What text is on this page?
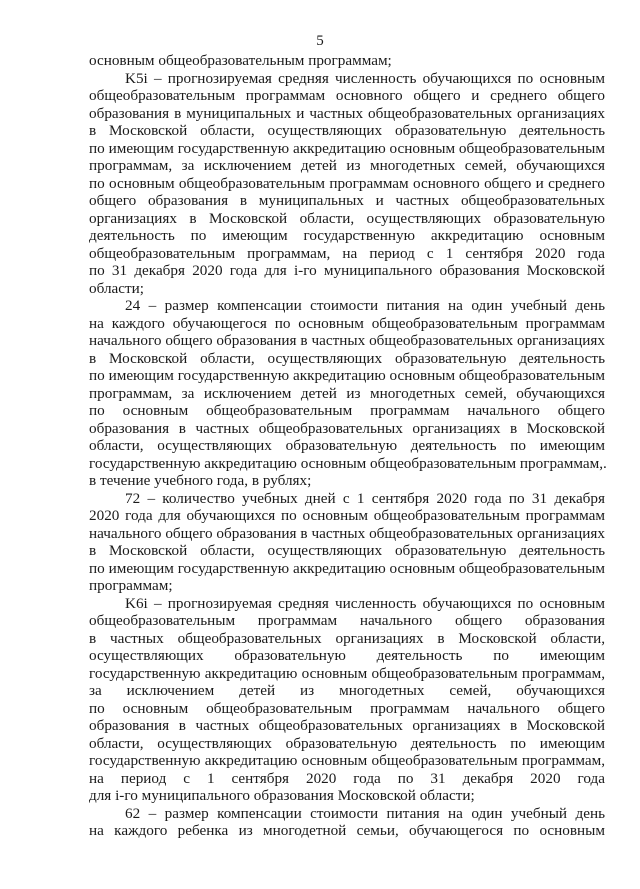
5
основным общеобразовательным программам;
K5i – прогнозируемая средняя численность обучающихся по основным
общеобразовательным программам основного общего и среднего общего
образования в муниципальных и частных общеобразовательных организациях
в Московской области, осуществляющих образовательную деятельность
по имеющим государственную аккредитацию основным общеобразовательным
программам, за исключением детей из многодетных семей, обучающихся
по основным общеобразовательным программам основного общего и среднего
общего образования в муниципальных и частных общеобразовательных
организациях в Московской области, осуществляющих образовательную
деятельность по имеющим государственную аккредитацию основным
общеобразовательным программам, на период с 1 сентября 2020 года
по 31 декабря 2020 года для i-го муниципального образования Московской
области;
24 – размер компенсации стоимости питания на один учебный день
на каждого обучающегося по основным общеобразовательным программам
начального общего образования в частных общеобразовательных организациях
в Московской области, осуществляющих образовательную деятельность
по имеющим государственную аккредитацию основным общеобразовательным
программам, за исключением детей из многодетных семей, обучающихся
по основным общеобразовательным программам начального общего
образования в частных общеобразовательных организациях в Московской
области, осуществляющих образовательную деятельность по имеющим
государственную аккредитацию основным общеобразовательным программам,.
в течение учебного года, в рублях;
72 – количество учебных дней с 1 сентября 2020 года по 31 декабря
2020 года для обучающихся по основным общеобразовательным программам
начального общего образования в частных общеобразовательных организациях
в Московской области, осуществляющих образовательную деятельность
по имеющим государственную аккредитацию основным общеобразовательным
программам;
K6i – прогнозируемая средняя численность обучающихся по основным
общеобразовательным программам начального общего образования
в частных общеобразовательных организациях в Московской области,
осуществляющих образовательную деятельность по имеющим
государственную аккредитацию основным общеобразовательным программам,
за исключением детей из многодетных семей, обучающихся
по основным общеобразовательным программам начального общего
образования в частных общеобразовательных организациях в Московской
области, осуществляющих образовательную деятельность по имеющим
государственную аккредитацию основным общеобразовательным программам,
на период с 1 сентября 2020 года по 31 декабря 2020 года
для i-го муниципального образования Московской области;
62 – размер компенсации стоимости питания на один учебный день
на каждого ребенка из многодетной семьи, обучающегося по основным
